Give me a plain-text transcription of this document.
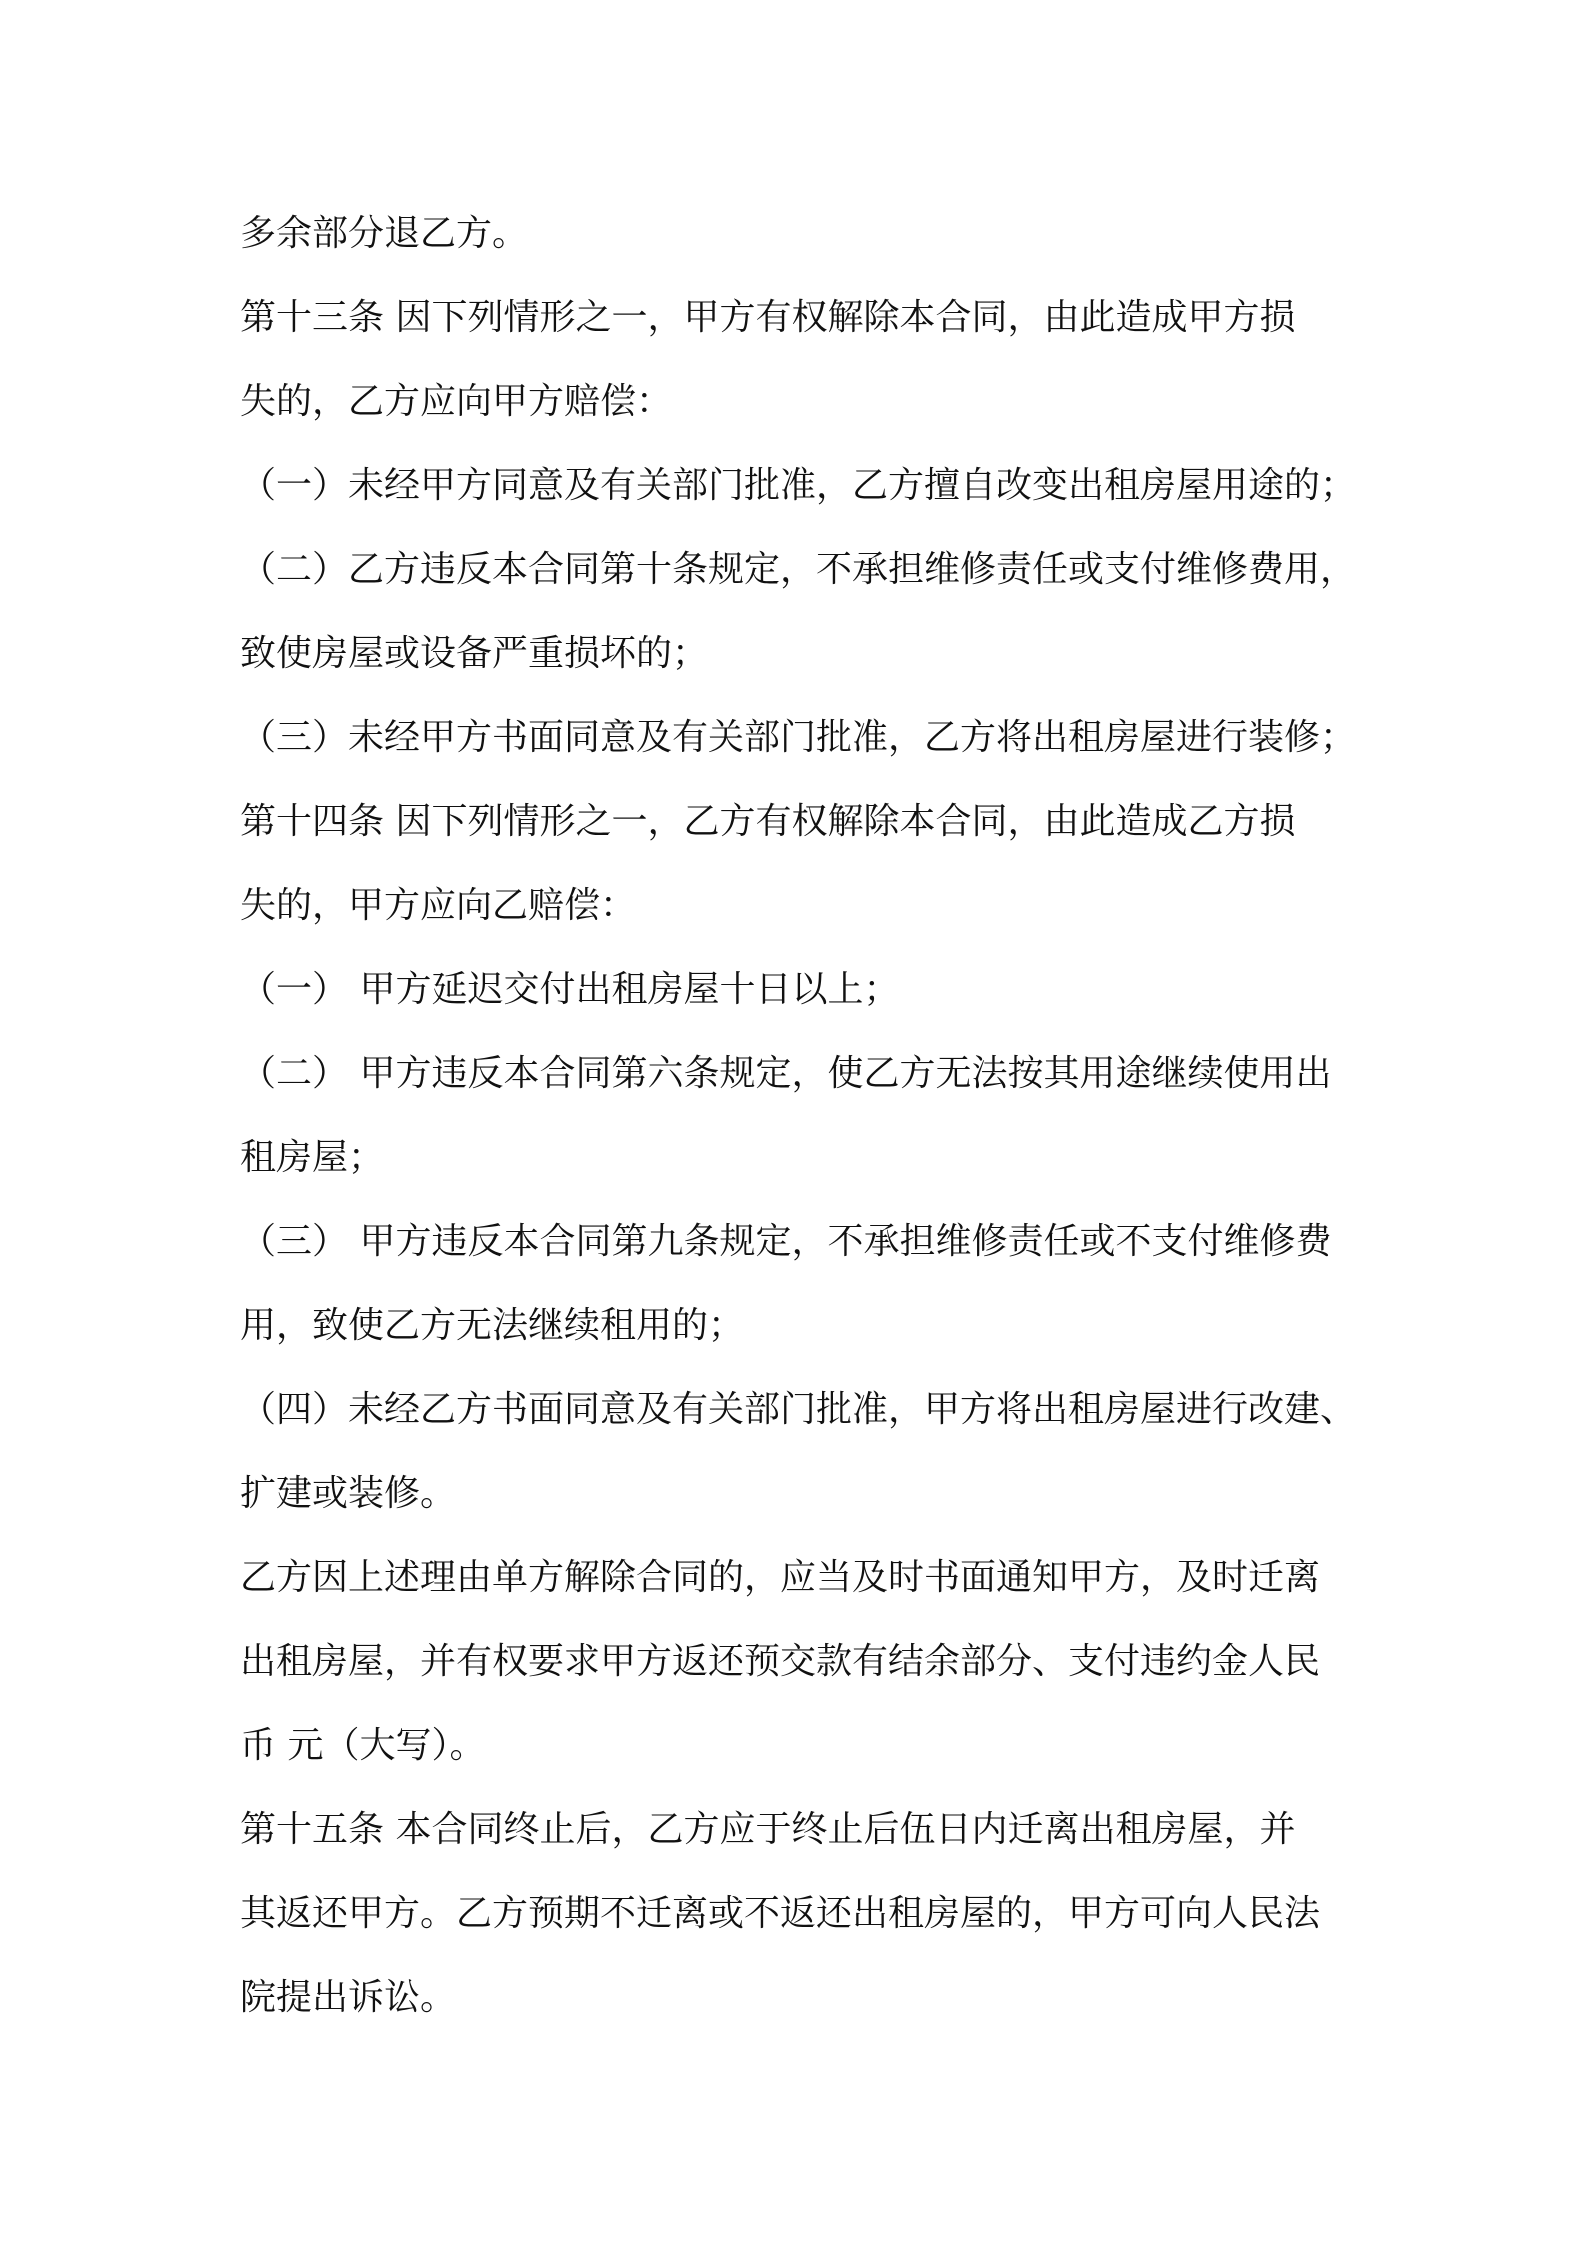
多余部分退乙方。
第十三条 因下列情形之一，甲方有权解除本合同，由此造成甲方损
失的，乙方应向甲方赔偿：
（一）未经甲方同意及有关部门批准，乙方擅自改变出租房屋用途的；
（二）乙方违反本合同第十条规定，不承担维修责任或支付维修费用，
致使房屋或设备严重损坏的；
（三）未经甲方书面同意及有关部门批准，乙方将出租房屋进行装修；
第十四条 因下列情形之一，乙方有权解除本合同，由此造成乙方损
失的，甲方应向乙赔偿：
（一） 甲方延迟交付出租房屋十日以上；
（二） 甲方违反本合同第六条规定，使乙方无法按其用途继续使用出
租房屋；
（三） 甲方违反本合同第九条规定，不承担维修责任或不支付维修费
用，致使乙方无法继续租用的；
（四）未经乙方书面同意及有关部门批准，甲方将出租房屋进行改建、
扩建或装修。
乙方因上述理由单方解除合同的，应当及时书面通知甲方，及时迁离
出租房屋，并有权要求甲方返还预交款有结余部分、支付违约金人民
币 元（大写）。
第十五条 本合同终止后，乙方应于终止后伍日内迁离出租房屋，并
其返还甲方。乙方预期不迁离或不返还出租房屋的，甲方可向人民法
院提出诉讼。
